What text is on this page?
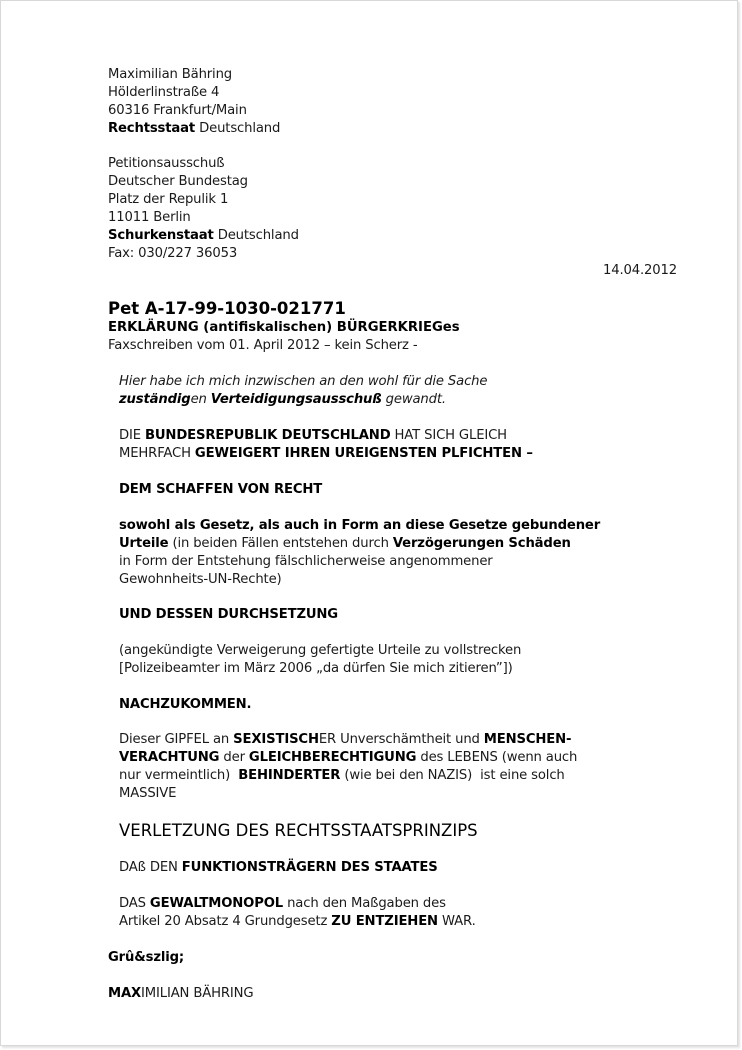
Maximilian Bähring
Hölderlinstraße 4
60316 Frankfurt/Main
Rechtsstaat Deutschland
Petitionsausschuß
Deutscher Bundestag
Platz der Repulik 1
11011 Berlin
Schurkenstaat Deutschland
Fax: 030/227 36053
14.04.2012
Pet A-17-99-1030-021771
ERKLÄRUNG (antifiskalischen) BÜRGERKRIEGes
Faxschreiben vom 01. April 2012 – kein Scherz -
Hier habe ich mich inzwischen an den wohl für die Sache
zuständigen Verteidigungsausschuß gewandt.
DIE BUNDESREPUBLIK DEUTSCHLAND HAT SICH GLEICH
MEHRFACH GEWEIGERT IHREN UREIGENSTEN PLFICHTEN –
DEM SCHAFFEN VON RECHT
sowohl als Gesetz, als auch in Form an diese Gesetze gebundener
Urteile (in beiden Fällen entstehen durch Verzögerungen Schäden
in Form der Entstehung fälschlicherweise angenommener
Gewohnheits-UN-Rechte)
UND DESSEN DURCHSETZUNG
(angekündigte Verweigerung gefertigte Urteile zu vollstrecken
[Polizeibeamter im März 2006 „da dürfen Sie mich zitieren”])
NACHZUKOMMEN.
Dieser GIPFEL an SEXISTISCHER Unverschämtheit und MENSCHEN-
VERACHTUNG der GLEICHBERECHTIGUNG des LEBENS (wenn auch
nur vermeintlich)  BEHINDERTER (wie bei den NAZIS)  ist eine solch
MASSIVE
VERLETZUNG DES RECHTSSTAATSPRINZIPS
DAß DEN FUNKTIONSTRÄGERN DES STAATES
DAS GEWALTMONOPOL nach den Maßgaben des
Artikel 20 Absatz 4 Grundgesetz ZU ENTZIEHEN WAR.
Grû&szlig;
MAXIMILIAN BÄHRING
